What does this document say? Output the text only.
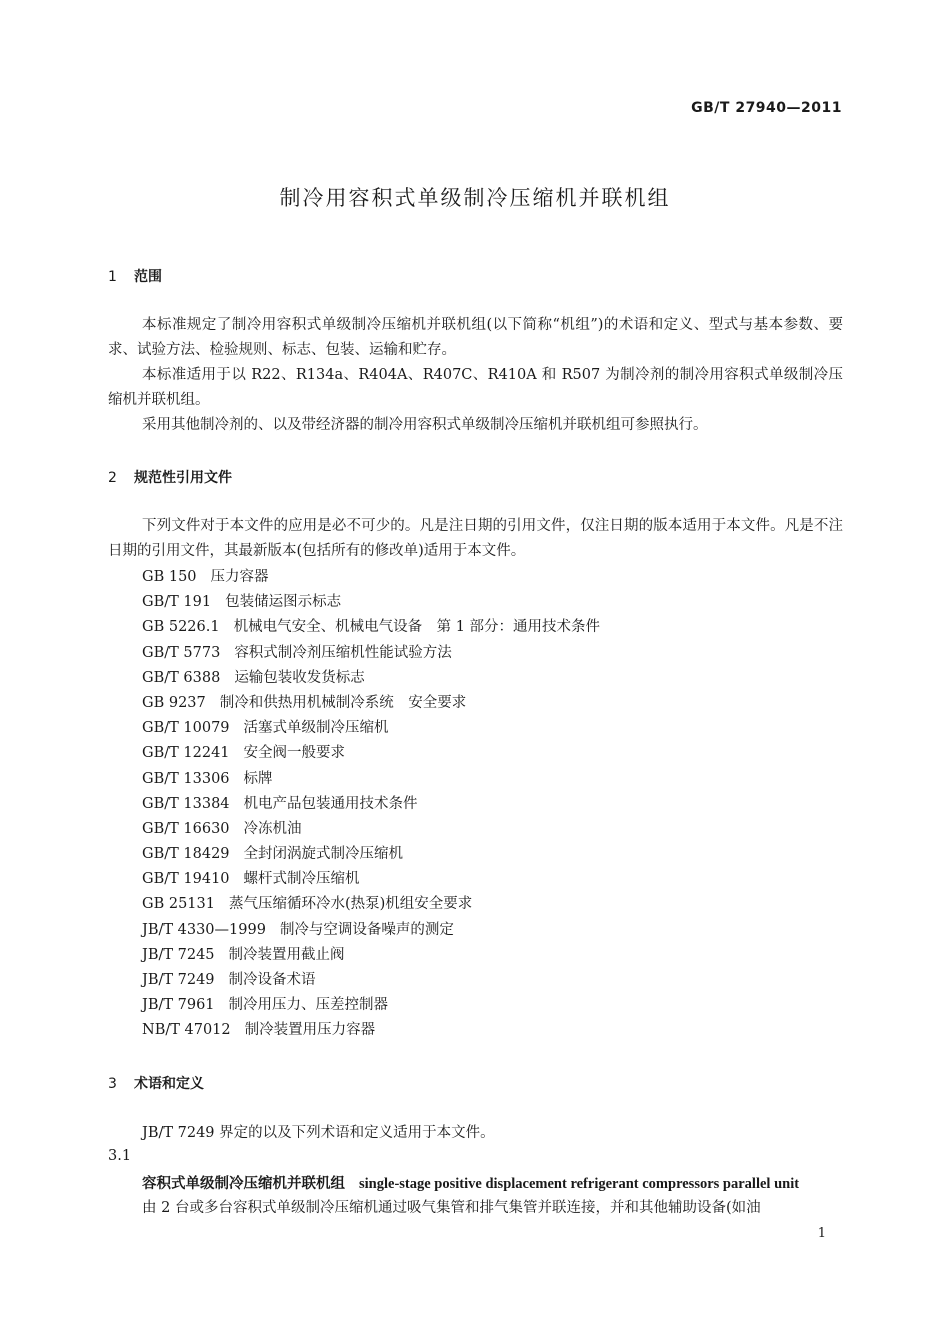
GB/T 27940—2011
制冷用容积式单级制冷压缩机并联机组
1 范围

本标准规定了制冷用容积式单级制冷压缩机并联机组(以下简称“机组”)的术语和定义、型式与基本参数、要求、试验方法、检验规则、标志、包装、运输和贮存。

本标准适用于以 R22、R134a、R404A、R407C、R410A 和 R507 为制冷剂的制冷用容积式单级制冷压缩机并联机组。

采用其他制冷剂的、以及带经济器的制冷用容积式单级制冷压缩机并联机组可参照执行。

2 规范性引用文件

下列文件对于本文件的应用是必不可少的。凡是注日期的引用文件，仅注日期的版本适用于本文件。凡是不注日期的引用文件，其最新版本(包括所有的修改单)适用于本文件。

GB 150 压力容器
GB/T 191 包装储运图示标志
GB 5226.1 机械电气安全、机械电气设备　第 1 部分：通用技术条件
GB/T 5773 容积式制冷剂压缩机性能试验方法
GB/T 6388 运输包装收发货标志
GB 9237 制冷和供热用机械制冷系统　安全要求
GB/T 10079 活塞式单级制冷压缩机
GB/T 12241 安全阀一般要求
GB/T 13306 标牌
GB/T 13384 机电产品包装通用技术条件
GB/T 16630 冷冻机油
GB/T 18429 全封闭涡旋式制冷压缩机
GB/T 19410 螺杆式制冷压缩机
GB 25131 蒸气压缩循环冷水(热泵)机组安全要求
JB/T 4330—1999 制冷与空调设备噪声的测定
JB/T 7245 制冷装置用截止阀
JB/T 7249 制冷设备术语
JB/T 7961 制冷用压力、压差控制器
NB/T 47012 制冷装置用压力容器
3 术语和定义

JB/T 7249 界定的以及下列术语和定义适用于本文件。

3.1
容积式单级制冷压缩机并联机组 single-stage positive displacement refrigerant compressors parallel unit
由 2 台或多台容积式单级制冷压缩机通过吸气集管和排气集管并联连接，并和其他辅助设备(如油
1
